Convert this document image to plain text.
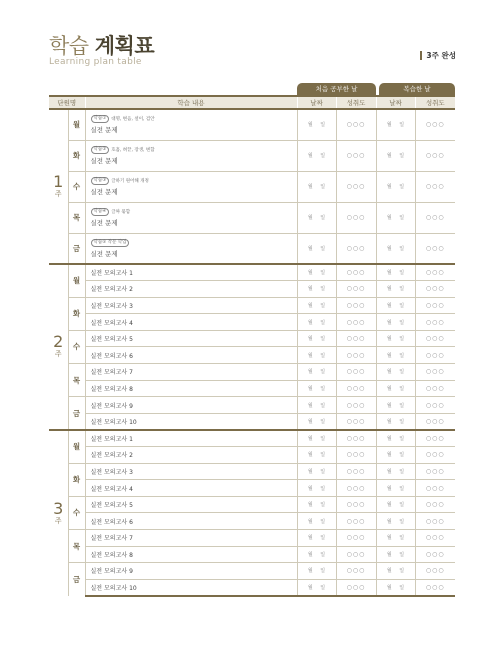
학습 계획표
Learning plan table
3주 완성
처음 공부한 날	복습한 날
단원명		학습 내용	날짜	성취도	날짜	성취도

1
주	월	학습① 대명, 변음, 설이, 검안
실전 문제	월 일	○○○	월 일	○○○
	화	학습② 호흡, 혀끝, 장생, 변함
실전 문제	월 일	○○○	월 일	○○○
	수	학습③ 글하기 원어해 개정
실전 문제	월 일	○○○	월 일	○○○
	목	학습④ 글짜 묶함
실전 문제	월 일	○○○	월 일	○○○
	금	학습⑤ 작문 학업
실전 문제	월 일	○○○	월 일	○○○

2
주	월	실전 모의고사 1	월 일	○○○	월 일	○○○
		실전 모의고사 2	월 일	○○○	월 일	○○○
	화	실전 모의고사 3	월 일	○○○	월 일	○○○
		실전 모의고사 4	월 일	○○○	월 일	○○○
	수	실전 모의고사 5	월 일	○○○	월 일	○○○
		실전 모의고사 6	월 일	○○○	월 일	○○○
	목	실전 모의고사 7	월 일	○○○	월 일	○○○
		실전 모의고사 8	월 일	○○○	월 일	○○○
	금	실전 모의고사 9	월 일	○○○	월 일	○○○
		실전 모의고사 10	월 일	○○○	월 일	○○○

3
주	월	실전 모의고사 1	월 일	○○○	월 일	○○○
		실전 모의고사 2	월 일	○○○	월 일	○○○
	화	실전 모의고사 3	월 일	○○○	월 일	○○○
		실전 모의고사 4	월 일	○○○	월 일	○○○
	수	실전 모의고사 5	월 일	○○○	월 일	○○○
		실전 모의고사 6	월 일	○○○	월 일	○○○
	목	실전 모의고사 7	월 일	○○○	월 일	○○○
		실전 모의고사 8	월 일	○○○	월 일	○○○
	금	실전 모의고사 9	월 일	○○○	월 일	○○○
		실전 모의고사 10	월 일	○○○	월 일	○○○
